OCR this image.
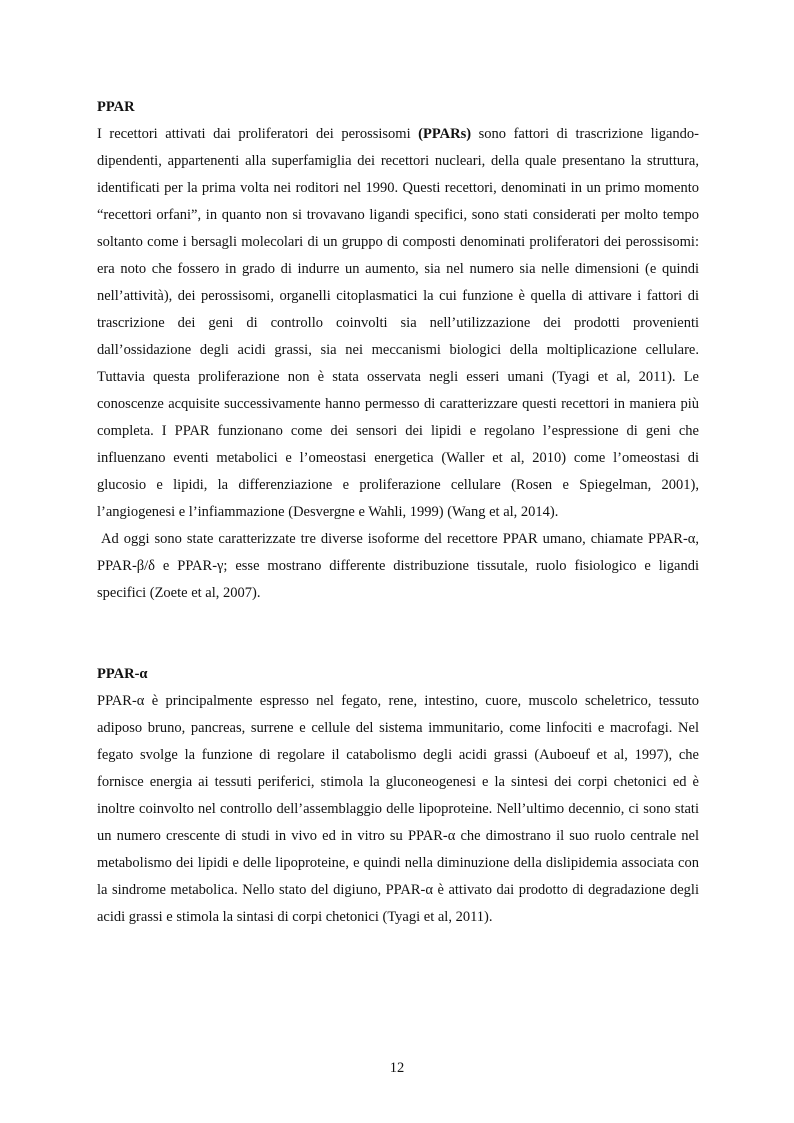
PPAR

I recettori attivati dai proliferatori dei perossisomi (PPARs) sono fattori di trascrizione ligando-dipendenti, appartenenti alla superfamiglia dei recettori nucleari, della quale presentano la struttura, identificati per la prima volta nei roditori nel 1990. Questi recettori, denominati in un primo momento “recettori orfani”, in quanto non si trovavano ligandi specifici, sono stati considerati per molto tempo soltanto come i bersagli molecolari di un gruppo di composti denominati proliferatori dei perossisomi: era noto che fossero in grado di indurre un aumento, sia nel numero sia nelle dimensioni (e quindi nell’attività), dei perossisomi, organelli citoplasmatici la cui funzione è quella di attivare i fattori di trascrizione dei geni di controllo coinvolti sia nell’utilizzazione dei prodotti provenienti dall’ossidazione degli acidi grassi, sia nei meccanismi biologici della moltiplicazione cellulare. Tuttavia questa proliferazione non è stata osservata negli esseri umani (Tyagi et al, 2011). Le conoscenze acquisite successivamente hanno permesso di caratterizzare questi recettori in maniera più completa. I PPAR funzionano come dei sensori dei lipidi e regolano l’espressione di geni che influenzano eventi metabolici e l’omeostasi energetica (Waller et al, 2010) come l’omeostasi di glucosio e lipidi, la differenziazione e proliferazione cellulare (Rosen e Spiegelman, 2001), l’angiogenesi e l’infiammazione (Desvergne e Wahli, 1999) (Wang et al, 2014).

Ad oggi sono state caratterizzate tre diverse isoforme del recettore PPAR umano, chiamate PPAR-α, PPAR-β/δ e PPAR-γ; esse mostrano differente distribuzione tissutale, ruolo fisiologico e ligandi specifici (Zoete et al, 2007).

PPAR-α

PPAR-α è principalmente espresso nel fegato, rene, intestino, cuore, muscolo scheletrico, tessuto adiposo bruno, pancreas, surrene e cellule del sistema immunitario, come linfociti e macrofagi. Nel fegato svolge la funzione di regolare il catabolismo degli acidi grassi (Auboeuf et al, 1997), che fornisce energia ai tessuti periferici, stimola la gluconeogenesi e la sintesi dei corpi chetonici ed è inoltre coinvolto nel controllo dell’assemblaggio delle lipoproteine. Nell’ultimo decennio, ci sono stati un numero crescente di studi in vivo ed in vitro su PPAR-α che dimostrano il suo ruolo centrale nel metabolismo dei lipidi e delle lipoproteine, e quindi nella diminuzione della dislipidemia associata con la sindrome metabolica. Nello stato del digiuno, PPAR-α è attivato dai prodotto di degradazione degli acidi grassi e stimola la sintasi di corpi chetonici (Tyagi et al, 2011).

12
